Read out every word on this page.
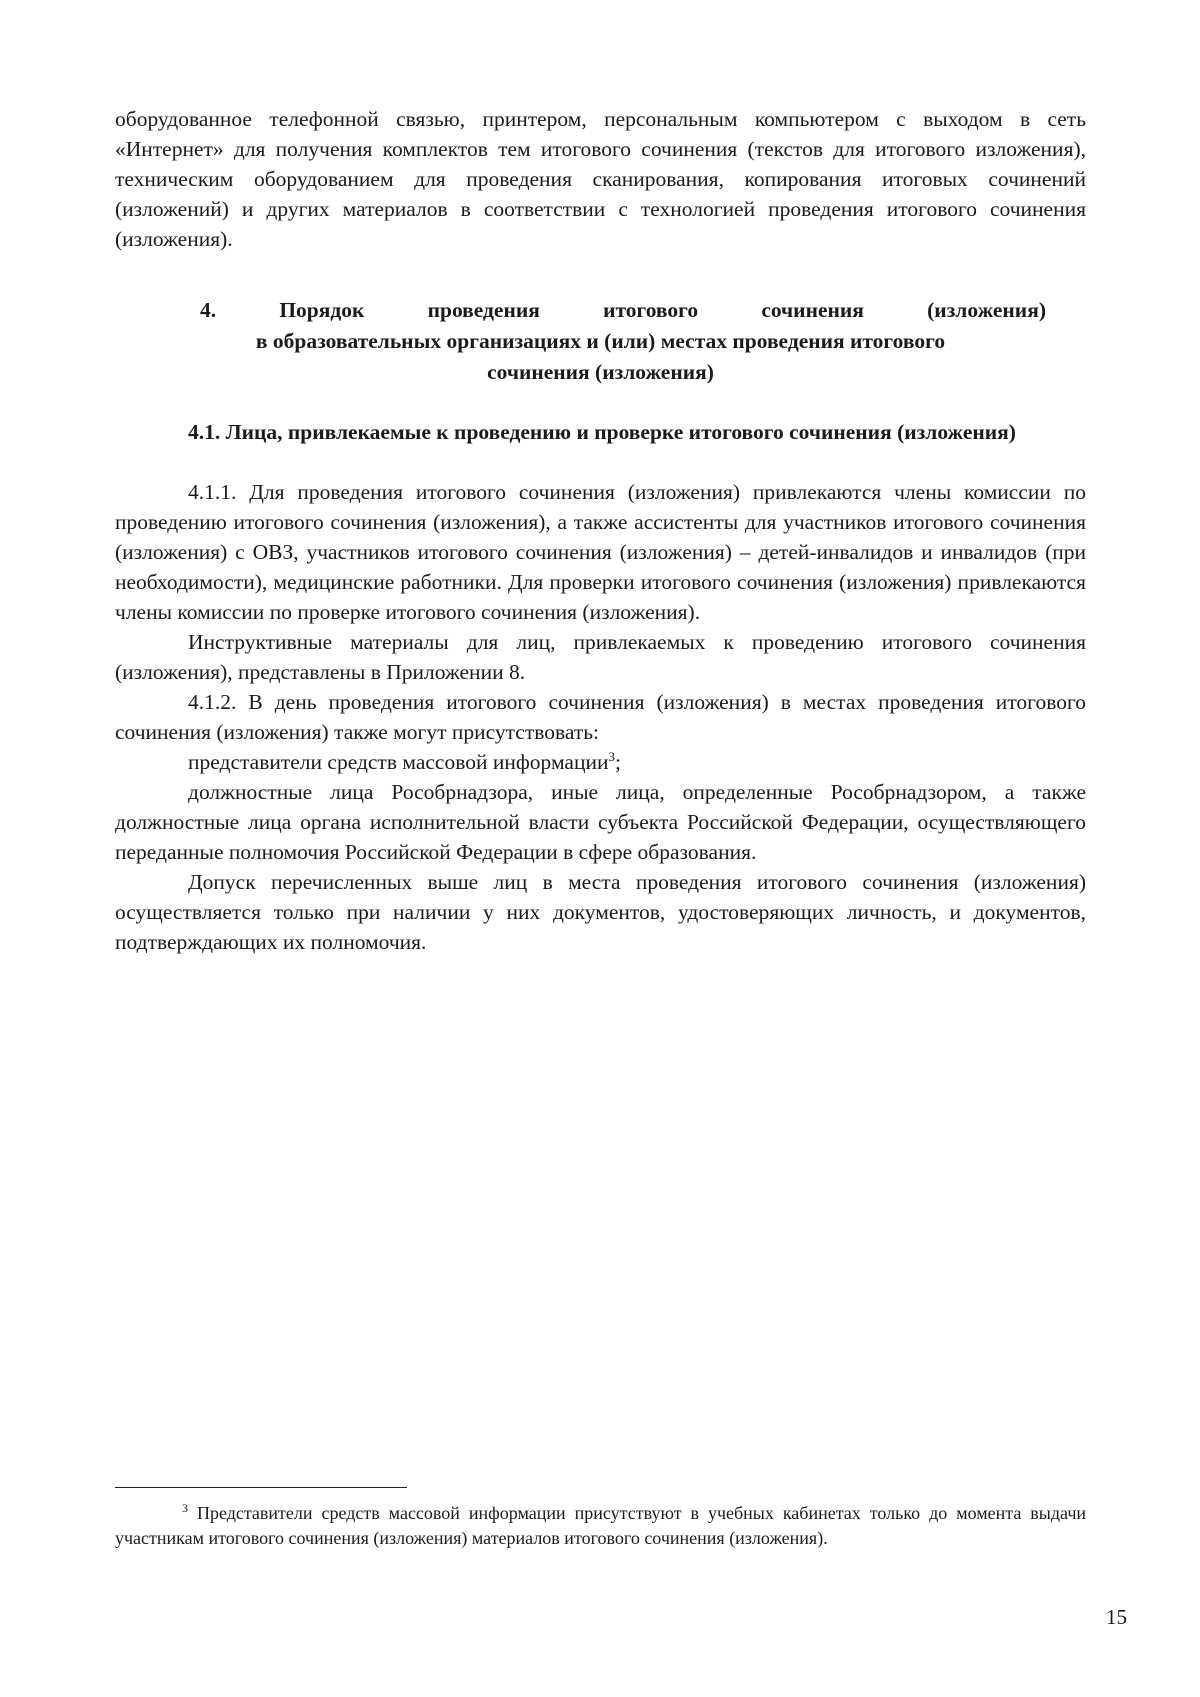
оборудованное телефонной связью, принтером, персональным компьютером с выходом в сеть «Интернет» для получения комплектов тем итогового сочинения (текстов для итогового изложения), техническим оборудованием для проведения сканирования, копирования итоговых сочинений (изложений) и других материалов в соответствии с технологией проведения итогового сочинения (изложения).

4. Порядок проведения итогового сочинения (изложения)
в образовательных организациях и (или) местах проведения итогового
сочинения (изложения)
4.1. Лица, привлекаемые к проведению и проверке итогового сочинения (изложения)

4.1.1. Для проведения итогового сочинения (изложения) привлекаются члены комиссии по проведению итогового сочинения (изложения), а также ассистенты для участников итогового сочинения (изложения) с ОВЗ, участников итогового сочинения (изложения) – детей-инвалидов и инвалидов (при необходимости), медицинские работники. Для проверки итогового сочинения (изложения) привлекаются члены комиссии по проверке итогового сочинения (изложения).

Инструктивные материалы для лиц, привлекаемых к проведению итогового сочинения (изложения), представлены в Приложении 8.

4.1.2. В день проведения итогового сочинения (изложения) в местах проведения итогового сочинения (изложения) также могут присутствовать:

представители средств массовой информации$^3$;

должностные лица Рособрнадзора, иные лица, определенные Рособрнадзором, а также должностные лица органа исполнительной власти субъекта Российской Федерации, осуществляющего переданные полномочия Российской Федерации в сфере образования.

Допуск перечисленных выше лиц в места проведения итогового сочинения (изложения) осуществляется только при наличии у них документов, удостоверяющих личность, и документов, подтверждающих их полномочия.

$^3$ Представители средств массовой информации присутствуют в учебных кабинетах только до момента выдачи участникам итогового сочинения (изложения) материалов итогового сочинения (изложения).
15
